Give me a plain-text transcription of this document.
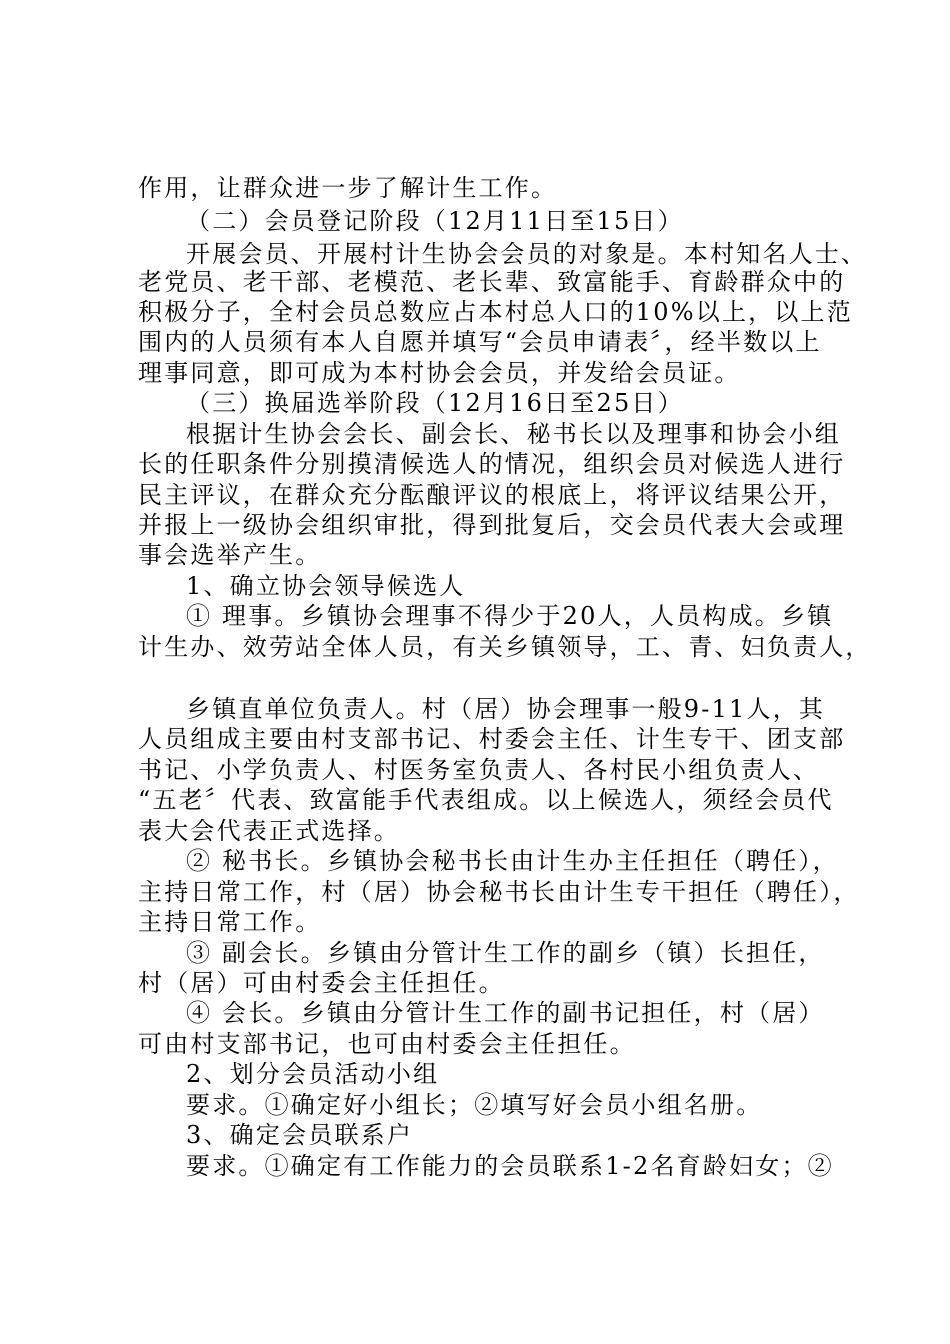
作用，让群众进一步了解计生工作。
（二）会员登记阶段（12月11日至15日）
开展会员、开展村计生协会会员的对象是。本村知名人士、
老党员、老干部、老模范、老长辈、致富能手、育龄群众中的
积极分子，全村会员总数应占本村总人口的10%以上，以上范
围内的人员须有本人自愿并填写“会员申请表〞，经半数以上
理事同意，即可成为本村协会会员，并发给会员证。
（三）换届选举阶段（12月16日至25日）
根据计生协会会长、副会长、秘书长以及理事和协会小组
长的任职条件分别摸清候选人的情况，组织会员对候选人进行
民主评议，在群众充分酝酿评议的根底上，将评议结果公开，
并报上一级协会组织审批，得到批复后，交会员代表大会或理
事会选举产生。
1、确立协会领导候选人
① 理事。乡镇协会理事不得少于20人，人员构成。乡镇
计生办、效劳站全体人员，有关乡镇领导，工、青、妇负责人，
乡镇直单位负责人。村（居）协会理事一般9-11人，其
人员组成主要由村支部书记、村委会主任、计生专干、团支部
书记、小学负责人、村医务室负责人、各村民小组负责人、
“五老〞代表、致富能手代表组成。以上候选人，须经会员代
表大会代表正式选择。
② 秘书长。乡镇协会秘书长由计生办主任担任（聘任），
主持日常工作，村（居）协会秘书长由计生专干担任（聘任），
主持日常工作。
③ 副会长。乡镇由分管计生工作的副乡（镇）长担任，
村（居）可由村委会主任担任。
④ 会长。乡镇由分管计生工作的副书记担任，村（居）
可由村支部书记，也可由村委会主任担任。
2、划分会员活动小组
要求。①确定好小组长；②填写好会员小组名册。
3、确定会员联系户
要求。①确定有工作能力的会员联系1-2名育龄妇女；②
